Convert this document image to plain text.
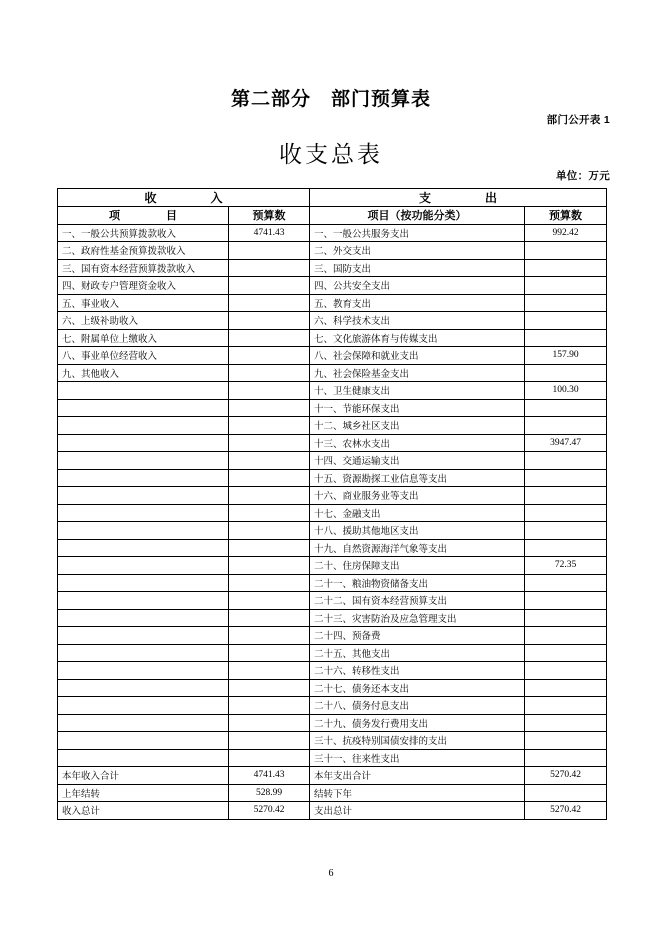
第二部分　部门预算表
部门公开表 1
收支总表
单位：万元
收　　入		支　　出	
项　　目	预算数	项目（按功能分类）	预算数
一、一般公共预算拨款收入	4741.43	一、一般公共服务支出	992.42
二、政府性基金预算拨款收入		二、外交支出	
三、国有资本经营预算拨款收入		三、国防支出	
四、财政专户管理资金收入		四、公共安全支出	
五、事业收入		五、教育支出	
六、上级补助收入		六、科学技术支出	
七、附属单位上缴收入		七、文化旅游体育与传媒支出	
八、事业单位经营收入		八、社会保障和就业支出	157.90
九、其他收入		九、社会保险基金支出	
		十、卫生健康支出	100.30
		十一、节能环保支出	
		十二、城乡社区支出	
		十三、农林水支出	3947.47
		十四、交通运输支出	
		十五、资源勘探工业信息等支出	
		十六、商业服务业等支出	
		十七、金融支出	
		十八、援助其他地区支出	
		十九、自然资源海洋气象等支出	
		二十、住房保障支出	72.35
		二十一、粮油物资储备支出	
		二十二、国有资本经营预算支出	
		二十三、灾害防治及应急管理支出	
		二十四、预备费	
		二十五、其他支出	
		二十六、转移性支出	
		二十七、债务还本支出	
		二十八、债务付息支出	
		二十九、债务发行费用支出	
		三十、抗疫特别国债安排的支出	
		三十一、往来性支出	
本年收入合计	4741.43	本年支出合计	5270.42
上年结转	528.99	结转下年	
收入总计	5270.42	支出总计	5270.42
6
